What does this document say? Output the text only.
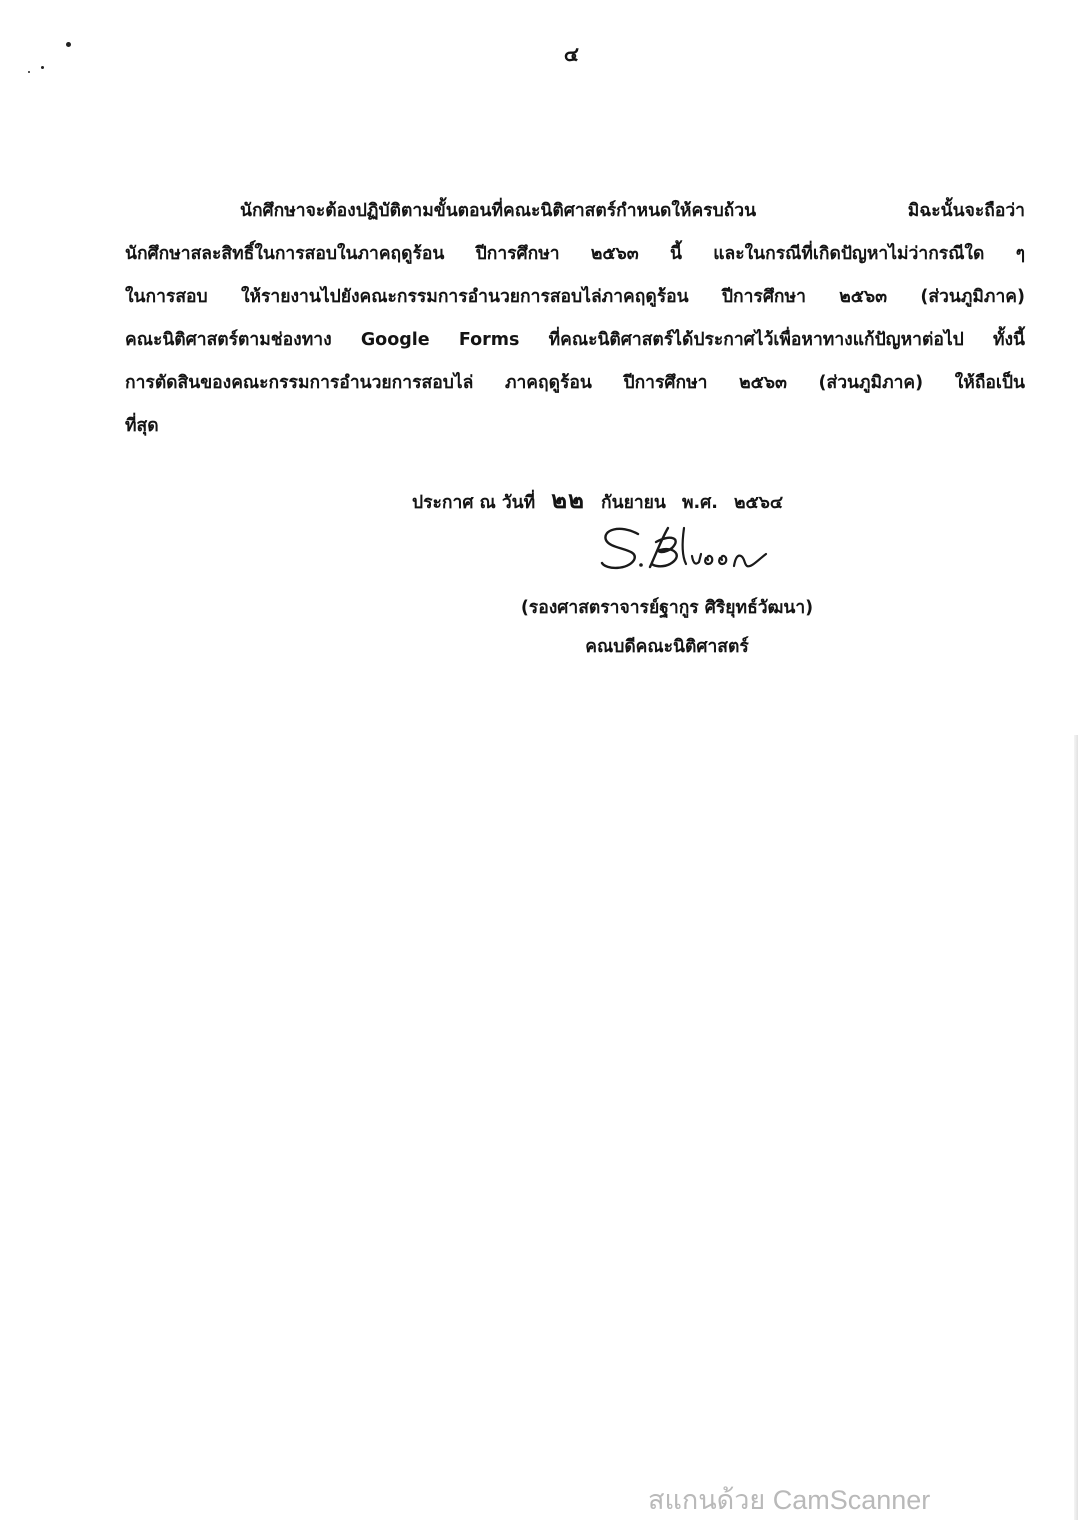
๔
นักศึกษาจะต้องปฏิบัติตามขั้นตอนที่คณะนิติศาสตร์กำหนดให้ครบถ้วน มิฉะนั้นจะถือว่า
นักศึกษาสละสิทธิ์ในการสอบในภาคฤดูร้อน ปีการศึกษา ๒๕๖๓ นี้ และในกรณีที่เกิดปัญหาไม่ว่ากรณีใด ๆ
ในการสอบ ให้รายงานไปยังคณะกรรมการอำนวยการสอบไล่ภาคฤดูร้อน ปีการศึกษา ๒๕๖๓ (ส่วนภูมิภาค)
คณะนิติศาสตร์ตามช่องทาง Google Forms ที่คณะนิติศาสตร์ได้ประกาศไว้เพื่อหาทางแก้ปัญหาต่อไป ทั้งนี้
การตัดสินของคณะกรรมการอำนวยการสอบไล่ ภาคฤดูร้อน ปีการศึกษา ๒๕๖๓ (ส่วนภูมิภาค) ให้ถือเป็น
ที่สุด
ประกาศ ณ วันที่ ๒๒ กันยายน พ.ศ. ๒๕๖๔
(รองศาสตราจารย์ฐากูร ศิริยุทธ์วัฒนา)
คณบดีคณะนิติศาสตร์
สแกนด้วย CamScanner
